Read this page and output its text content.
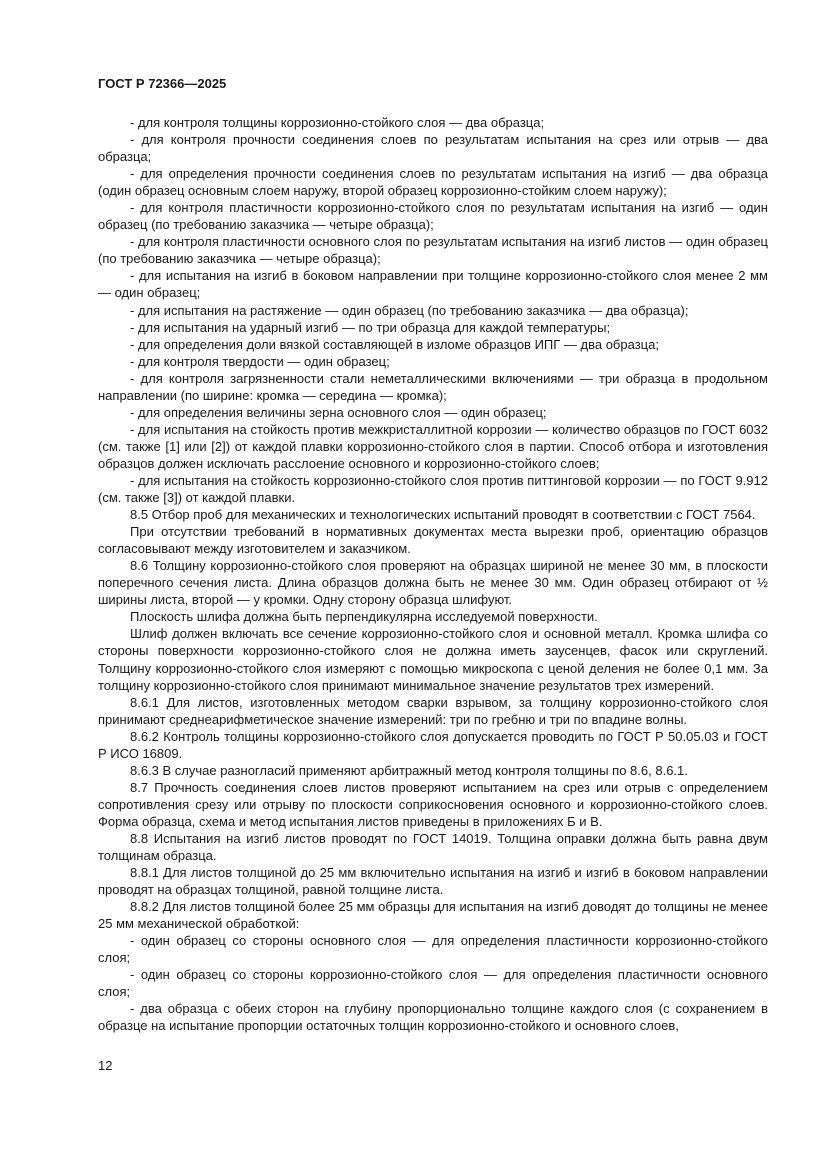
ГОСТ Р 72366—2025

- для контроля толщины коррозионно-стойкого слоя — два образца;

- для контроля прочности соединения слоев по результатам испытания на срез или отрыв — два образца;

- для определения прочности соединения слоев по результатам испытания на изгиб — два образца (один образец основным слоем наружу, второй образец коррозионно-стойким слоем наружу);

- для контроля пластичности коррозионно-стойкого слоя по результатам испытания на изгиб — один образец (по требованию заказчика — четыре образца);

- для контроля пластичности основного слоя по результатам испытания на изгиб листов — один образец (по требованию заказчика — четыре образца);

- для испытания на изгиб в боковом направлении при толщине коррозионно-стойкого слоя менее 2 мм — один образец;

- для испытания на растяжение — один образец (по требованию заказчика — два образца);

- для испытания на ударный изгиб — по три образца для каждой температуры;

- для определения доли вязкой составляющей в изломе образцов ИПГ — два образца;

- для контроля твердости — один образец;

- для контроля загрязненности стали неметаллическими включениями — три образца в продольном направлении (по ширине: кромка — середина — кромка);

- для определения величины зерна основного слоя — один образец;

- для испытания на стойкость против межкристаллитной коррозии — количество образцов по ГОСТ 6032 (см. также [1] или [2]) от каждой плавки коррозионно-стойкого слоя в партии. Способ отбора и изготовления образцов должен исключать расслоение основного и коррозионно-стойкого слоев;

- для испытания на стойкость коррозионно-стойкого слоя против питтинговой коррозии — по ГОСТ 9.912 (см. также [3]) от каждой плавки.

8.5 Отбор проб для механических и технологических испытаний проводят в соответствии с ГОСТ 7564.

При отсутствии требований в нормативных документах места вырезки проб, ориентацию образцов согласовывают между изготовителем и заказчиком.

8.6 Толщину коррозионно-стойкого слоя проверяют на образцах шириной не менее 30 мм, в плоскости поперечного сечения листа. Длина образцов должна быть не менее 30 мм. Один образец отбирают от ½ ширины листа, второй — у кромки. Одну сторону образца шлифуют.

Плоскость шлифа должна быть перпендикулярна исследуемой поверхности.

Шлиф должен включать все сечение коррозионно-стойкого слоя и основной металл. Кромка шлифа со стороны поверхности коррозионно-стойкого слоя не должна иметь заусенцев, фасок или скруглений. Толщину коррозионно-стойкого слоя измеряют с помощью микроскопа с ценой деления не более 0,1 мм. За толщину коррозионно-стойкого слоя принимают минимальное значение результатов трех измерений.

8.6.1 Для листов, изготовленных методом сварки взрывом, за толщину коррозионно-стойкого слоя принимают среднеарифметическое значение измерений: три по гребню и три по впадине волны.

8.6.2 Контроль толщины коррозионно-стойкого слоя допускается проводить по ГОСТ Р 50.05.03 и ГОСТ Р ИСО 16809.

8.6.3 В случае разногласий применяют арбитражный метод контроля толщины по 8.6, 8.6.1.

8.7 Прочность соединения слоев листов проверяют испытанием на срез или отрыв с определением сопротивления срезу или отрыву по плоскости соприкосновения основного и коррозионно-стойкого слоев. Форма образца, схема и метод испытания листов приведены в приложениях Б и В.

8.8 Испытания на изгиб листов проводят по ГОСТ 14019. Толщина оправки должна быть равна двум толщинам образца.

8.8.1 Для листов толщиной до 25 мм включительно испытания на изгиб и изгиб в боковом направлении проводят на образцах толщиной, равной толщине листа.

8.8.2 Для листов толщиной более 25 мм образцы для испытания на изгиб доводят до толщины не менее 25 мм механической обработкой:

- один образец со стороны основного слоя — для определения пластичности коррозионно-стойкого слоя;

- один образец со стороны коррозионно-стойкого слоя — для определения пластичности основного слоя;

- два образца с обеих сторон на глубину пропорционально толщине каждого слоя (с сохранением в образце на испытание пропорции остаточных толщин коррозионно-стойкого и основного слоев,

12
